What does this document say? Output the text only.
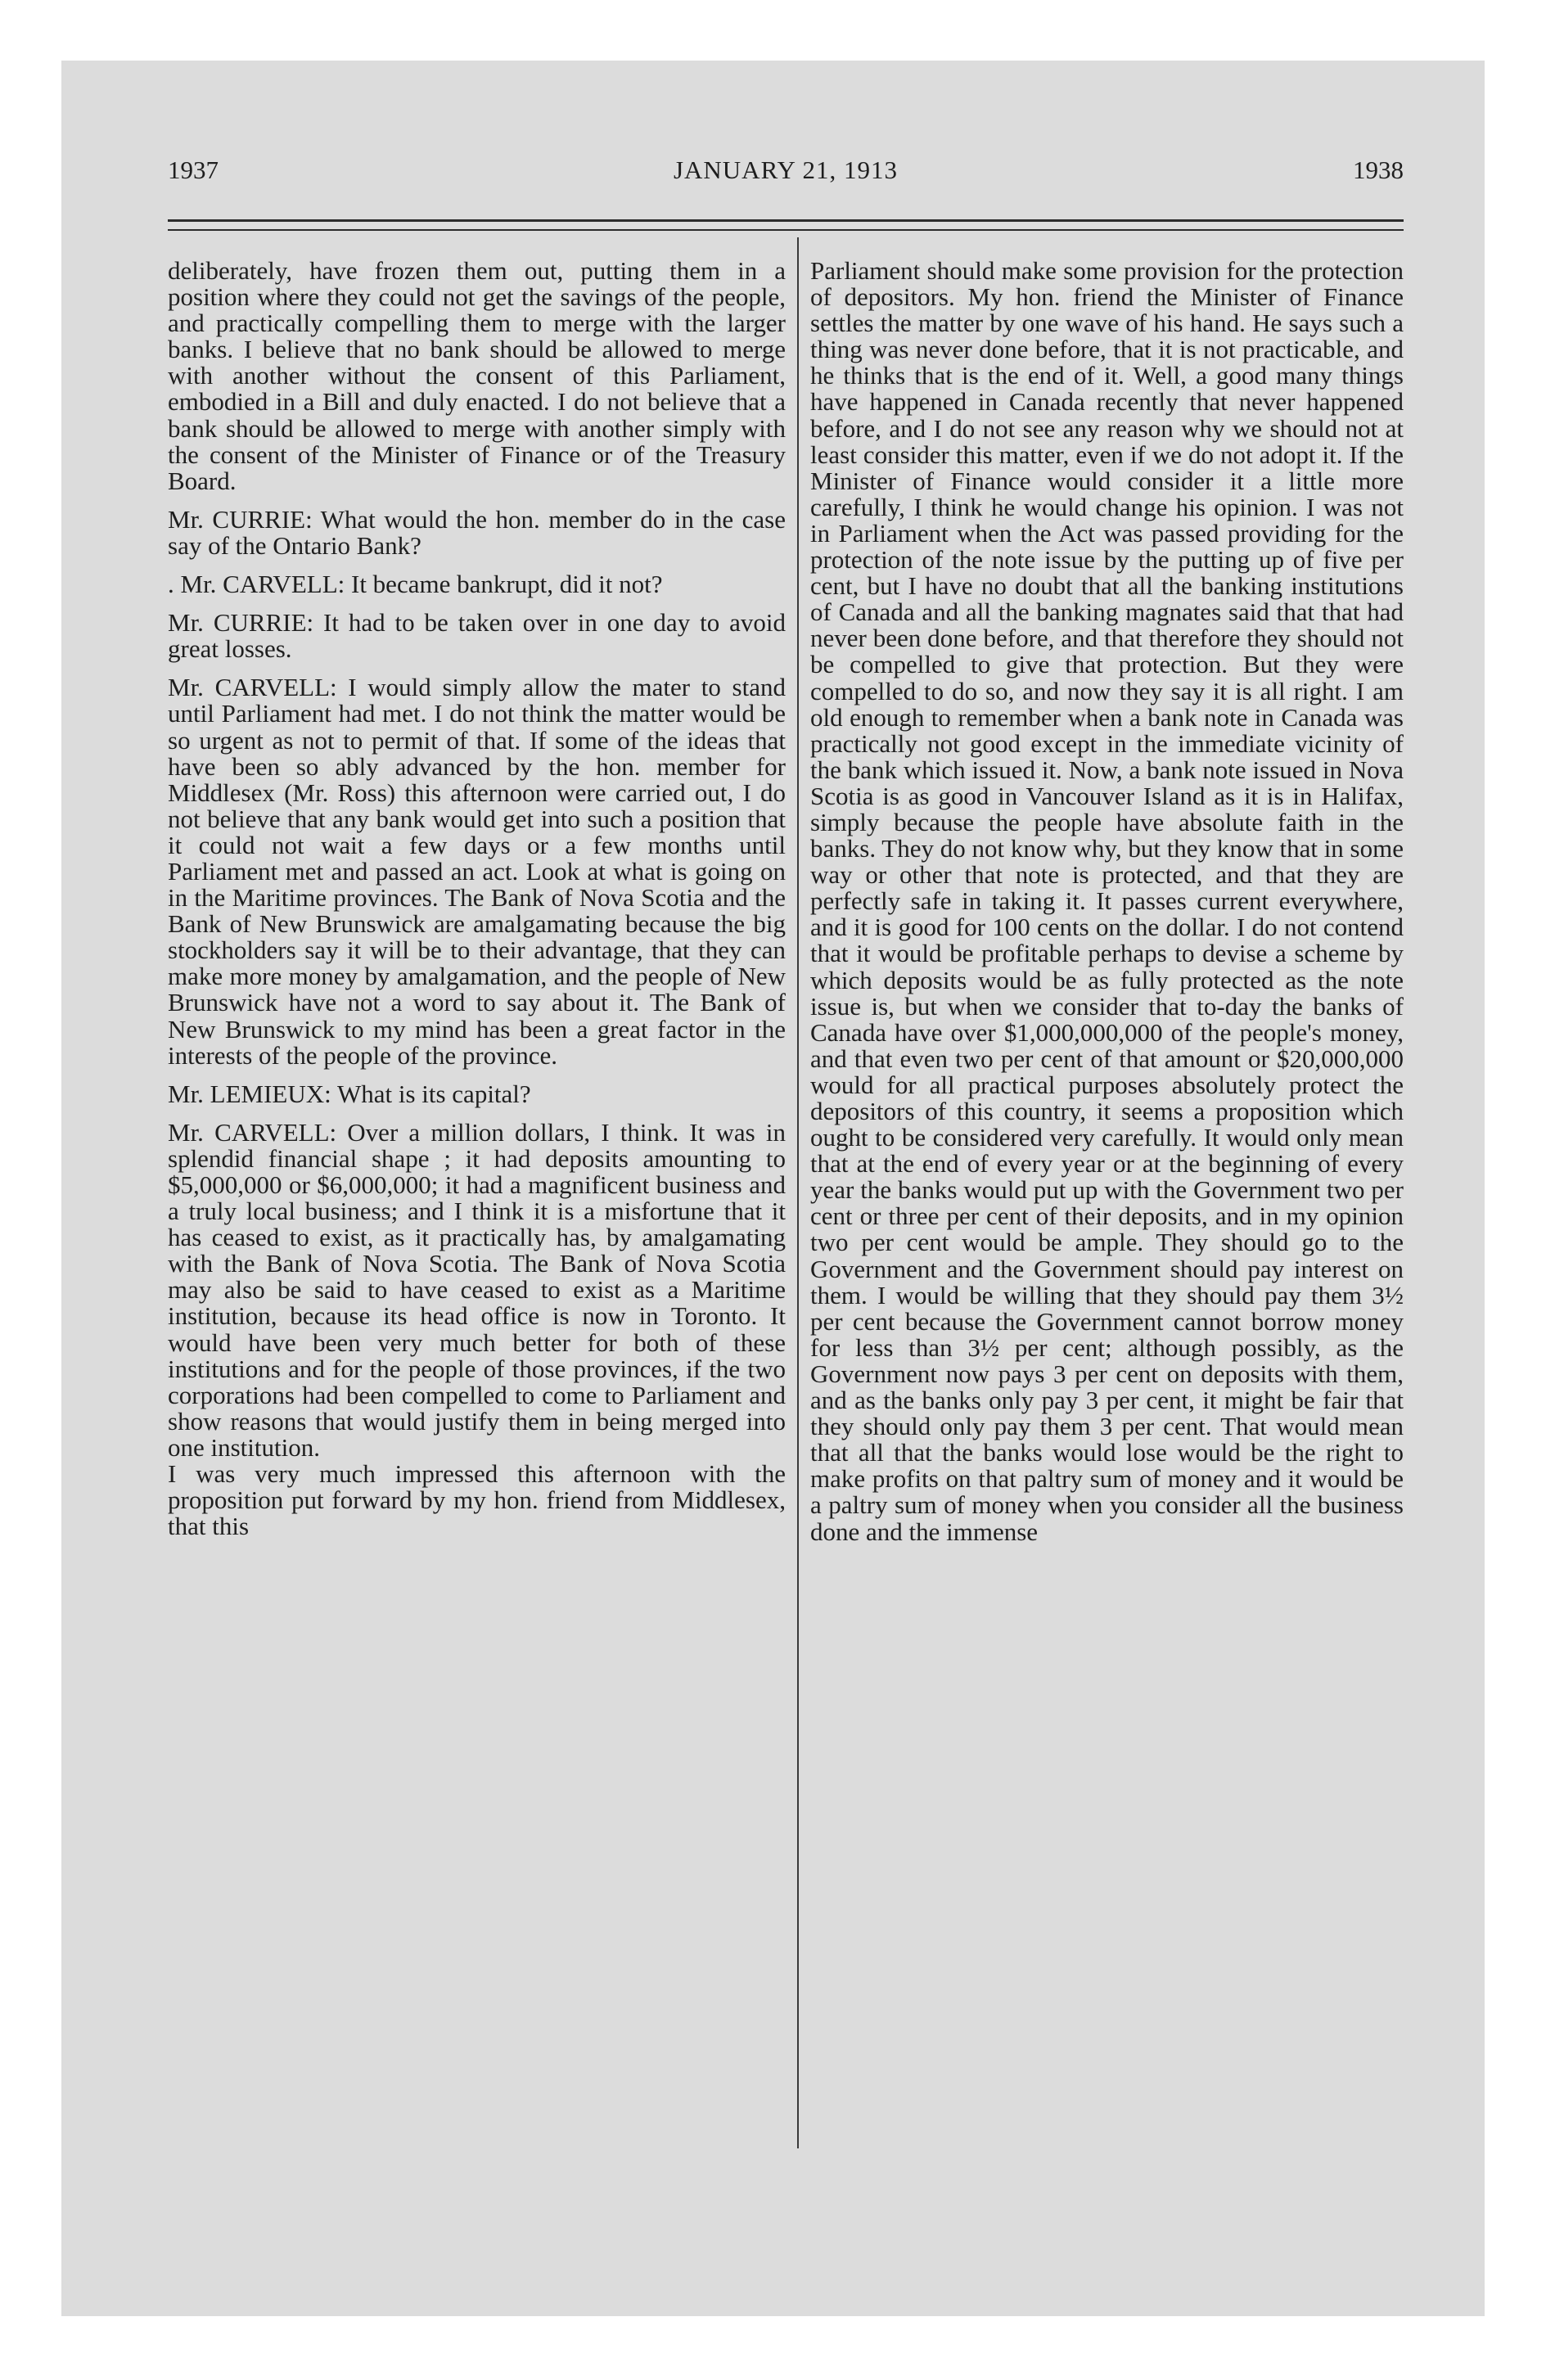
1937	JANUARY 21, 1913	1938

deliberately, have frozen them out, putting them in a position where they could not get the savings of the people, and practically compelling them to merge with the larger banks. I believe that no bank should be allowed to merge with another without the consent of this Parliament, embodied in a Bill and duly enacted. I do not believe that a bank should be allowed to merge with another simply with the consent of the Minister of Finance or of the Treasury Board.

Mr. CURRIE: What would the hon. member do in the case say of the Ontario Bank?

. Mr. CARVELL: It became bankrupt, did it not?

Mr. CURRIE: It had to be taken over in one day to avoid great losses.

Mr. CARVELL: I would simply allow the mater to stand until Parliament had met. I do not think the matter would be so urgent as not to permit of that. If some of the ideas that have been so ably advanced by the hon. member for Middlesex (Mr. Ross) this afternoon were carried out, I do not believe that any bank would get into such a position that it could not wait a few days or a few months until Parliament met and passed an act. Look at what is going on in the Maritime provinces. The Bank of Nova Scotia and the Bank of New Brunswick are amalgamating because the big stockholders say it will be to their advantage, that they can make more money by amalgamation, and the people of New Brunswick have not a word to say about it. The Bank of New Brunswick to my mind has been a great factor in the interests of the people of the province.

Mr. LEMIEUX: What is its capital?

Mr. CARVELL: Over a million dollars, I think. It was in splendid financial shape ; it had deposits amounting to $5,000,000 or $6,000,000; it had a magnificent business and a truly local business; and I think it is a misfortune that it has ceased to exist, as it practically has, by amalgamating with the Bank of Nova Scotia. The Bank of Nova Scotia may also be said to have ceased to exist as a Maritime institution, because its head office is now in Toronto. It would have been very much better for both of these institutions and for the people of those provinces, if the two corporations had been compelled to come to Parliament and show reasons that would justify them in being merged into one institution.

I was very much impressed this afternoon with the proposition put forward by my hon. friend from Middlesex, that this

Parliament should make some provision for the protection of depositors. My hon. friend the Minister of Finance settles the matter by one wave of his hand. He says such a thing was never done before, that it is not practicable, and he thinks that is the end of it. Well, a good many things have happened in Canada recently that never happened before, and I do not see any reason why we should not at least consider this matter, even if we do not adopt it. If the Minister of Finance would consider it a little more carefully, I think he would change his opinion. I was not in Parliament when the Act was passed providing for the protection of the note issue by the putting up of five per cent, but I have no doubt that all the banking institutions of Canada and all the banking magnates said that that had never been done before, and that therefore they should not be compelled to give that protection. But they were compelled to do so, and now they say it is all right. I am old enough to remember when a bank note in Canada was practically not good except in the immediate vicinity of the bank which issued it. Now, a bank note issued in Nova Scotia is as good in Vancouver Island as it is in Halifax, simply because the people have absolute faith in the banks. They do not know why, but they know that in some way or other that note is protected, and that they are perfectly safe in taking it. It passes current everywhere, and it is good for 100 cents on the dollar. I do not contend that it would be profitable perhaps to devise a scheme by which deposits would be as fully protected as the note issue is, but when we consider that to-day the banks of Canada have over $1,000,000,000 of the people's money, and that even two per cent of that amount or $20,000,000 would for all practical purposes absolutely protect the depositors of this country, it seems a proposition which ought to be considered very carefully. It would only mean that at the end of every year or at the beginning of every year the banks would put up with the Government two per cent or three per cent of their deposits, and in my opinion two per cent would be ample. They should go to the Government and the Government should pay interest on them. I would be willing that they should pay them 3½ per cent because the Government cannot borrow money for less than 3½ per cent; although possibly, as the Government now pays 3 per cent on deposits with them, and as the banks only pay 3 per cent, it might be fair that they should only pay them 3 per cent. That would mean that all that the banks would lose would be the right to make profits on that paltry sum of money and it would be a paltry sum of money when you consider all the business done and the immense
